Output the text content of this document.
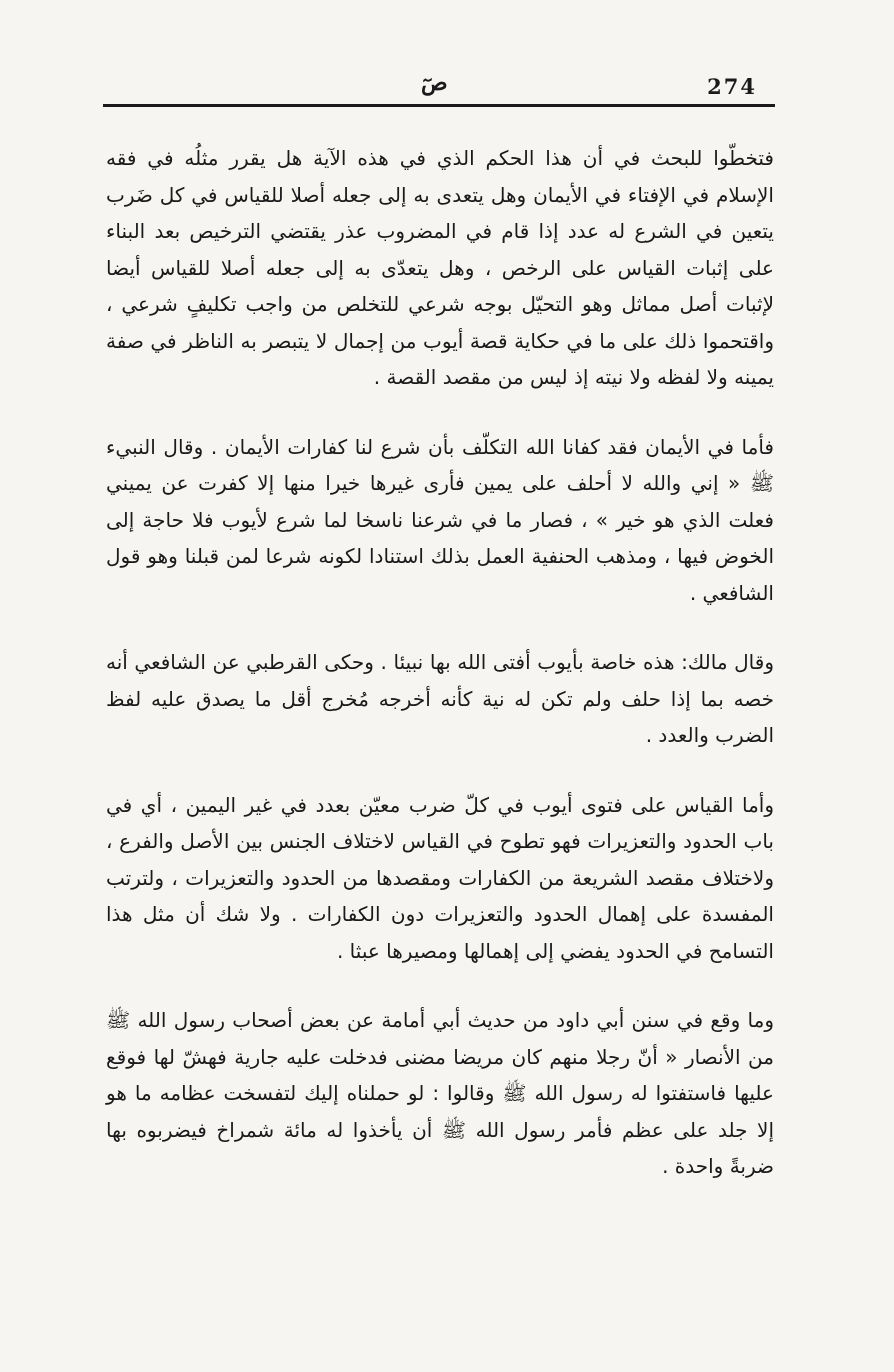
صٓ	274

فتخطّوا للبحث في أن هذا الحكم الذي في هذه الآية هل يقرر مثلُه في فقه الإسلام في الإفتاء في الأيمان وهل يتعدى به إلى جعله أصلا للقياس في كل ضَرب يتعين في الشرع له عدد إذا قام في المضروب عذر يقتضي الترخيص بعد البناء على إثبات القياس على الرخص ، وهل يتعدّى به إلى جعله أصلا للقياس أيضا لإثبات أصل مماثل وهو التحيّل بوجه شرعي للتخلص من واجب تكليفٍ شرعي ، واقتحموا ذلك على ما في حكاية قصة أيوب من إجمال لا يتبصر به الناظر في صفة يمينه ولا لفظه ولا نيته إذ ليس من مقصد القصة .

فأما في الأيمان فقد كفانا الله التكلّف بأن شرع لنا كفارات الأيمان . وقال النبيء ﷺ « إني والله لا أحلف على يمين فأرى غيرها خيرا منها إلا كفرت عن يميني فعلت الذي هو خير » ، فصار ما في شرعنا ناسخا لما شرع لأيوب فلا حاجة إلى الخوض فيها ، ومذهب الحنفية العمل بذلك استنادا لكونه شرعا لمن قبلنا وهو قول الشافعي .

وقال مالك: هذه خاصة بأيوب أفتى الله بها نبيئا . وحكى القرطبي عن الشافعي أنه خصه بما إذا حلف ولم تكن له نية كأنه أخرجه مُخرج أقل ما يصدق عليه لفظ الضرب والعدد .

وأما القياس على فتوى أيوب في كلّ ضرب معيّن بعدد في غير اليمين ، أي في باب الحدود والتعزيرات فهو تطوح في القياس لاختلاف الجنس بين الأصل والفرع ، ولاختلاف مقصد الشريعة من الكفارات ومقصدها من الحدود والتعزيرات ، ولترتب المفسدة على إهمال الحدود والتعزيرات دون الكفارات . ولا شك أن مثل هذا التسامح في الحدود يفضي إلى إهمالها ومصيرها عبثا .

وما وقع في سنن أبي داود من حديث أبي أمامة عن بعض أصحاب رسول الله ﷺ من الأنصار « أنّ رجلا منهم كان مريضا مضنى فدخلت عليه جارية فهشّ لها فوقع عليها فاستفتوا له رسول الله ﷺ وقالوا : لو حملناه إليك لتفسخت عظامه ما هو إلا جلد على عظم فأمر رسول الله ﷺ أن يأخذوا له مائة شمراخ فيضربوه بها ضربةً واحدة .
